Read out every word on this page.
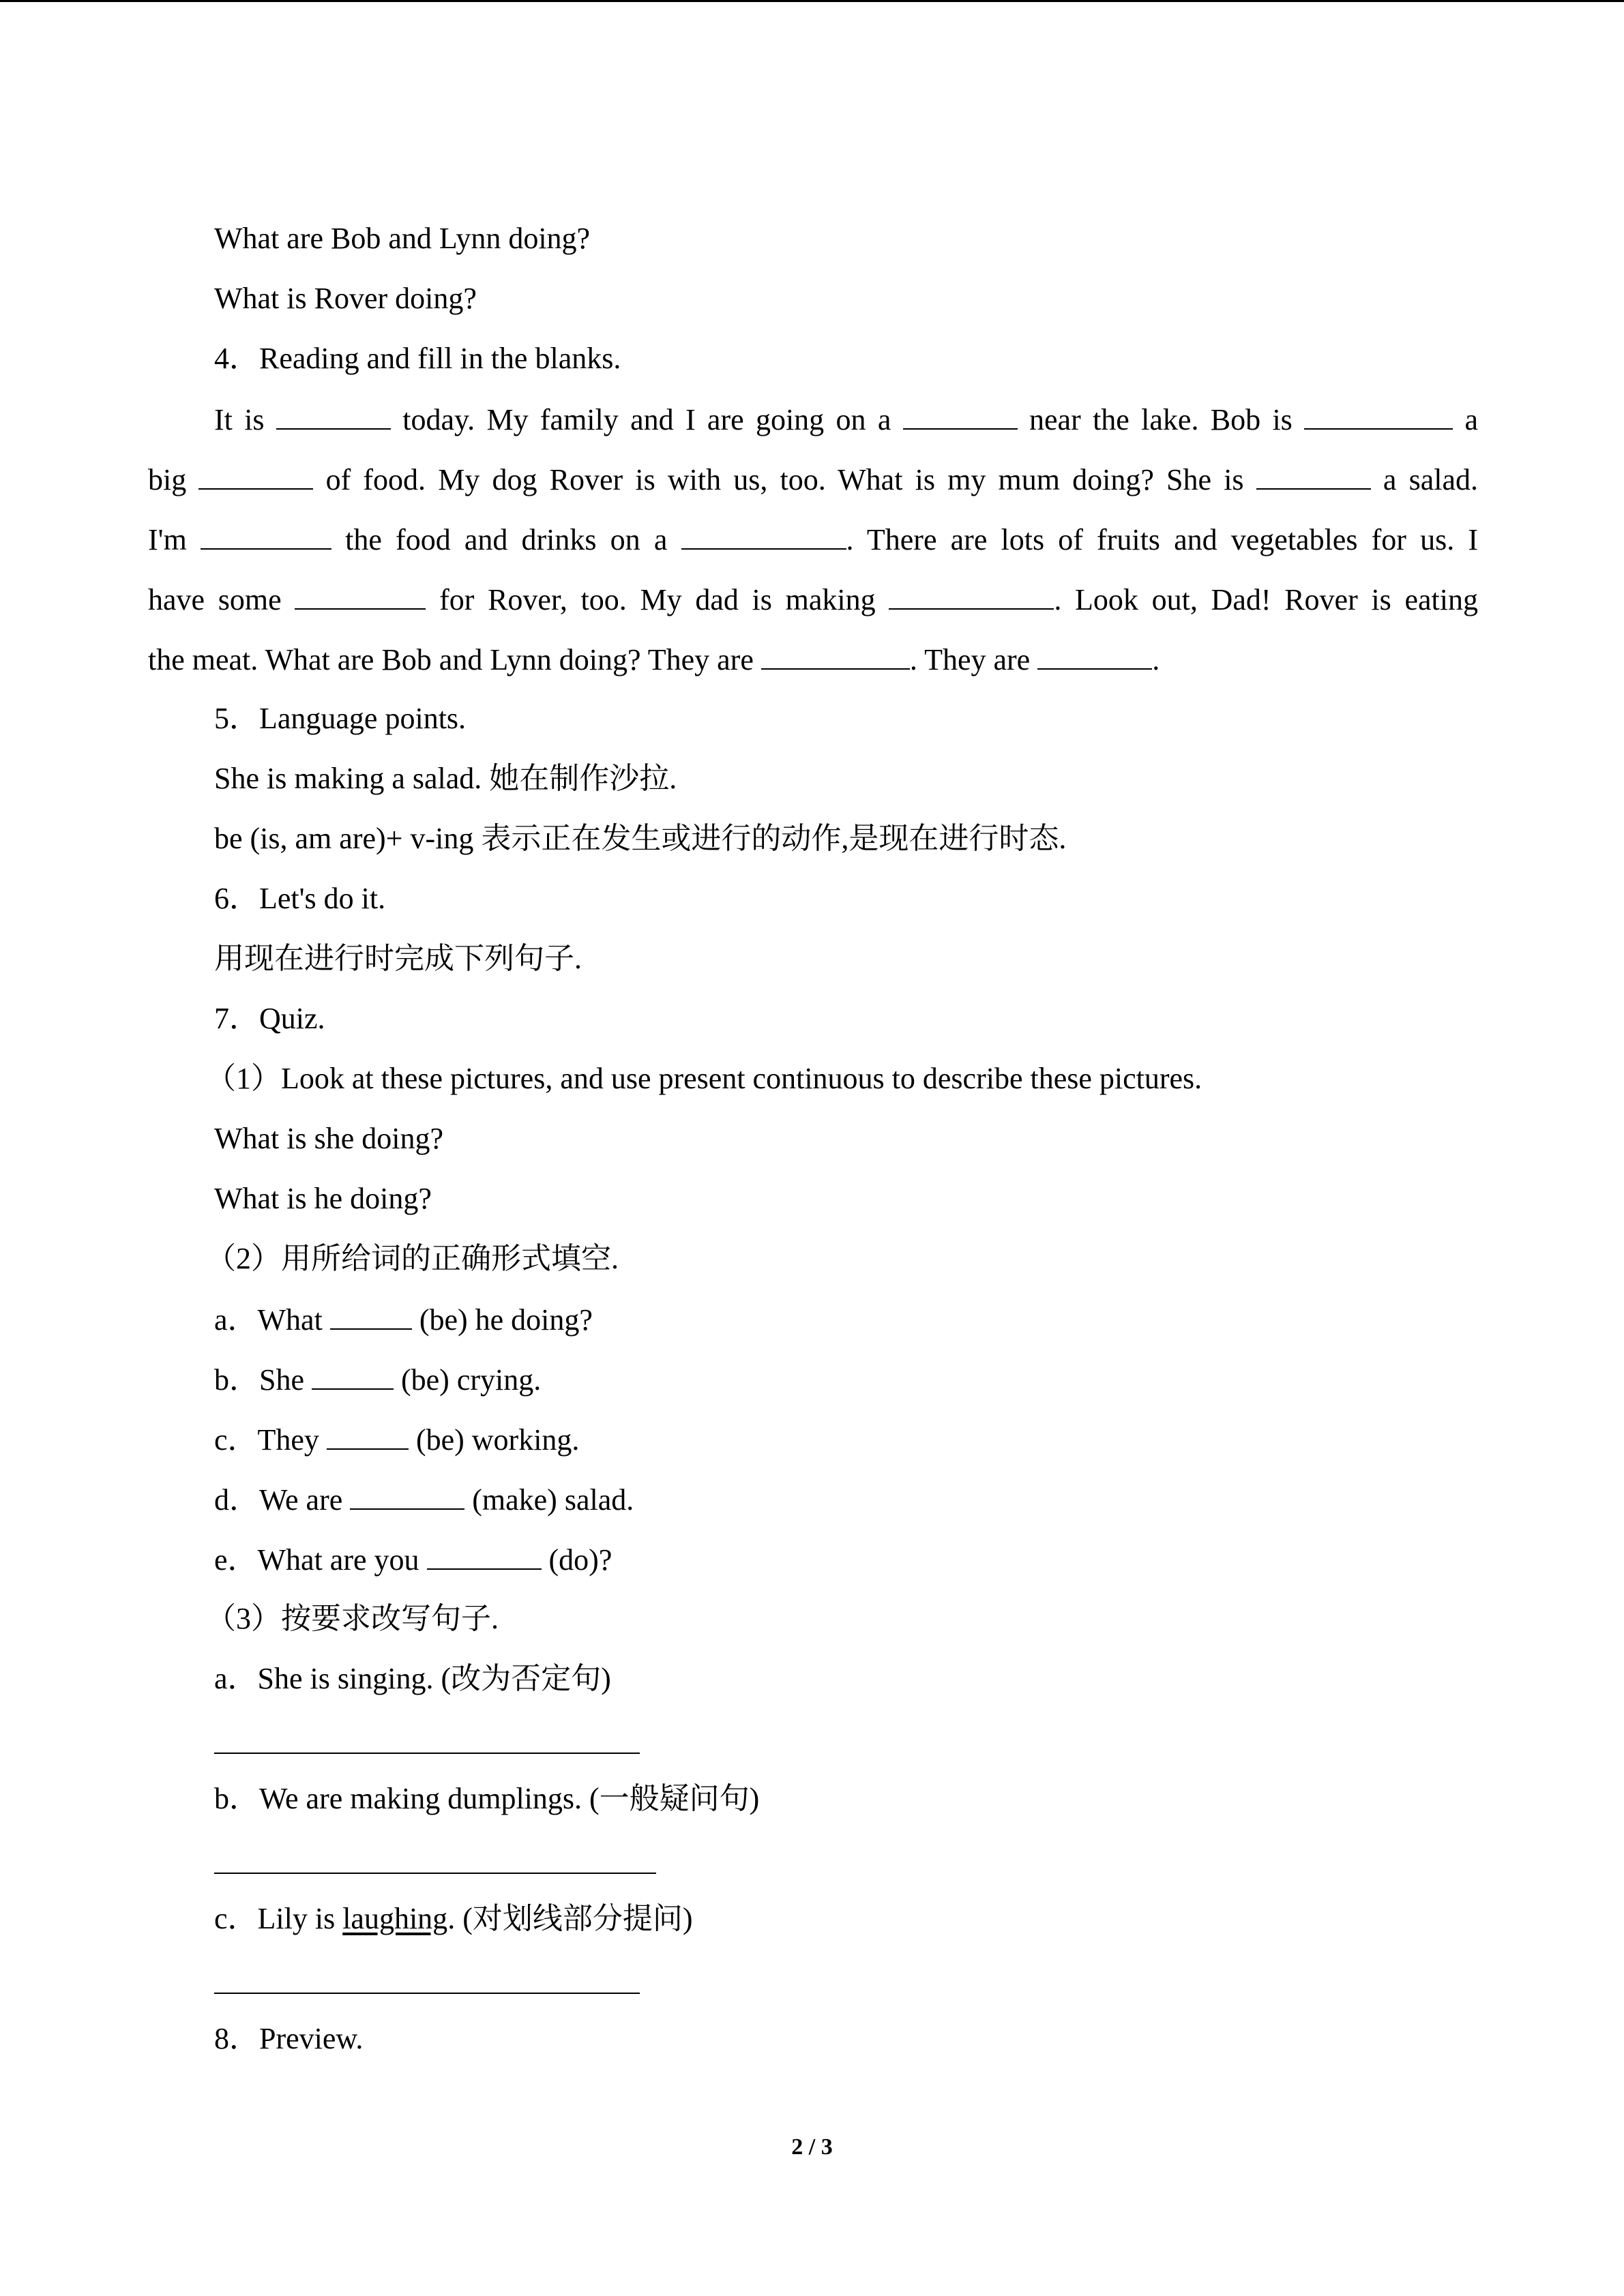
What are Bob and Lynn doing?
What is Rover doing?
4．Reading and fill in the blanks.
It is	today. My family and I are going on a	near the lake. Bob is	a
big	of food. My dog Rover is with us, too. What is my mum doing? She is	a salad.
I'm	the food and drinks on a	. There are lots of fruits and vegetables for us. I
have some	for Rover, too. My dad is making	. Look out, Dad! Rover is eating
the meat. What are Bob and Lynn doing? They are	. They are	.
5．Language points.
She is making a salad. 她在制作沙拉.
be (is, am are)+ v-ing 表示正在发生或进行的动作,是现在进行时态.
6．Let's do it.
用现在进行时完成下列句子.
7．Quiz.
（1）Look at these pictures, and use present continuous to describe these pictures.
What is she doing?
What is he doing?
（2）用所给词的正确形式填空.
a．What	(be) he doing?
b．She	(be) crying.
c．They	(be) working.
d．We are	(make) salad.
e．What are you	(do)?
（3）按要求改写句子.
a．She is singing. (改为否定句)
b．We are making dumplings. (一般疑问句)
c．Lily is laughing. (对划线部分提问)
8．Preview.
2 / 3
